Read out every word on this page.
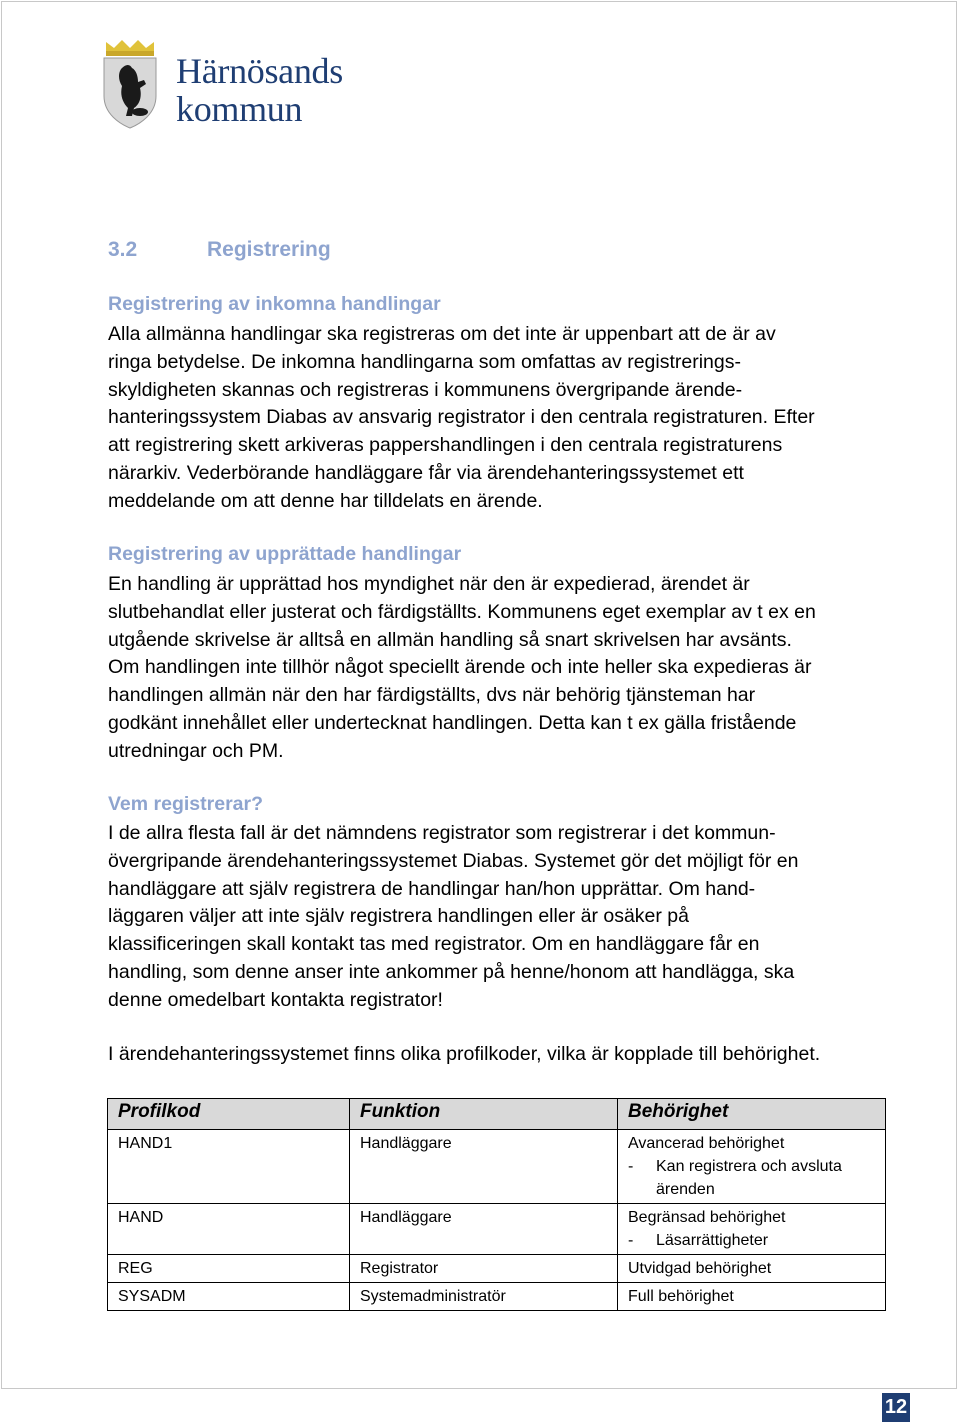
Härnösands
kommun
3.2	Registrering
Registrering av inkomna handlingar
Alla allmänna handlingar ska registreras om det inte är uppenbart att de är av
ringa betydelse. De inkomna handlingarna som omfattas av registrerings-
skyldigheten skannas och registreras i kommunens övergripande ärende-
hanteringssystem Diabas av ansvarig registrator i den centrala registraturen. Efter
att registrering skett arkiveras pappershandlingen i den centrala registraturens
närarkiv. Vederbörande handläggare får via ärendehanteringssystemet ett
meddelande om att denne har tilldelats en ärende.
Registrering av upprättade handlingar
En handling är upprättad hos myndighet när den är expedierad, ärendet är
slutbehandlat eller justerat och färdigställts. Kommunens eget exemplar av t ex en
utgående skrivelse är alltså en allmän handling så snart skrivelsen har avsänts.
Om handlingen inte tillhör något speciellt ärende och inte heller ska expedieras är
handlingen allmän när den har färdigställts, dvs när behörig tjänsteman har
godkänt innehållet eller undertecknat handlingen. Detta kan t ex gälla fristående
utredningar och PM.
Vem registrerar?
I de allra flesta fall är det nämndens registrator som registrerar i det kommun-
övergripande ärendehanteringssystemet Diabas. Systemet gör det möjligt för en
handläggare att själv registrera de handlingar han/hon upprättar. Om hand-
läggaren väljer att inte själv registrera handlingen eller är osäker på
klassificeringen skall kontakt tas med registrator. Om en handläggare får en
handling, som denne anser inte ankommer på henne/honom att handlägga, ska
denne omedelbart kontakta registrator!
I ärendehanteringssystemet finns olika profilkoder, vilka är kopplade till behörighet.
Profilkod	Funktion	Behörighet
HAND1	Handläggare	Avancerad behörighet
- Kan registrera och avsluta
ärenden

HAND	Handläggare	Begränsad behörighet
- Läsarrättigheter

REG	Registrator	Utvidgad behörighet
SYSADM	Systemadministratör	Full behörighet
12
